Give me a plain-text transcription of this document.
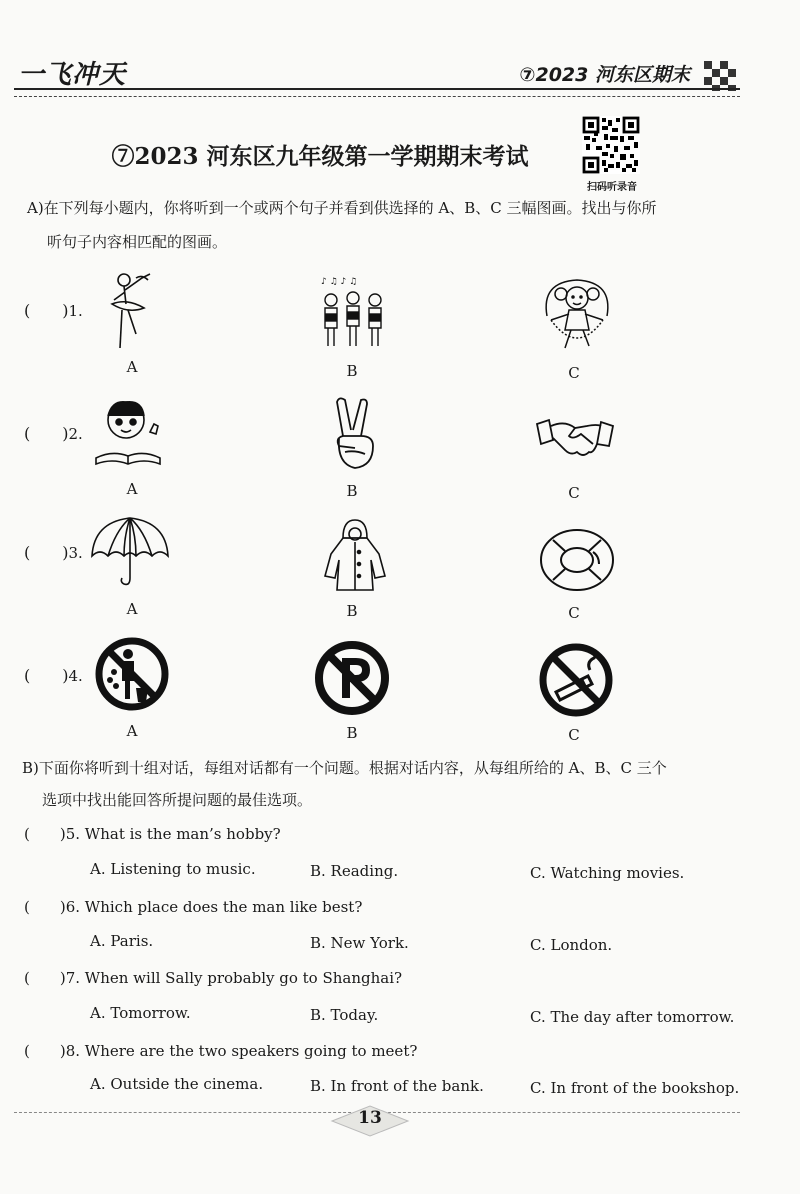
一飞冲天	⑦2023 河东区期末
⑦2023 河东区九年级第一学期期末考试
扫码听录音
A)在下列每小题内，你将听到一个或两个句子并看到供选择的 A、B、C 三幅图画。找出与你所
听句子内容相匹配的图画。
(　　)1.
♪ ♫ ♪ ♫
A	B	C
(　　)2.
A	B	C
(　　)3.
A	B	C
(　　)4.
A	B	C
B)下面你将听到十组对话，每组对话都有一个问题。根据对话内容，从每组所给的 A、B、C 三个
选项中找出能回答所提问题的最佳选项。
(　　)5. What is the man’s hobby?
A. Listening to music.	B. Reading.	C. Watching movies.
(　　)6. Which place does the man like best?
A. Paris.	B. New York.	C. London.
(　　)7. When will Sally probably go to Shanghai?
A. Tomorrow.	B. Today.	C. The day after tomorrow.
(　　)8. Where are the two speakers going to meet?
A. Outside the cinema.	B. In front of the bank.	C. In front of the bookshop.
13
